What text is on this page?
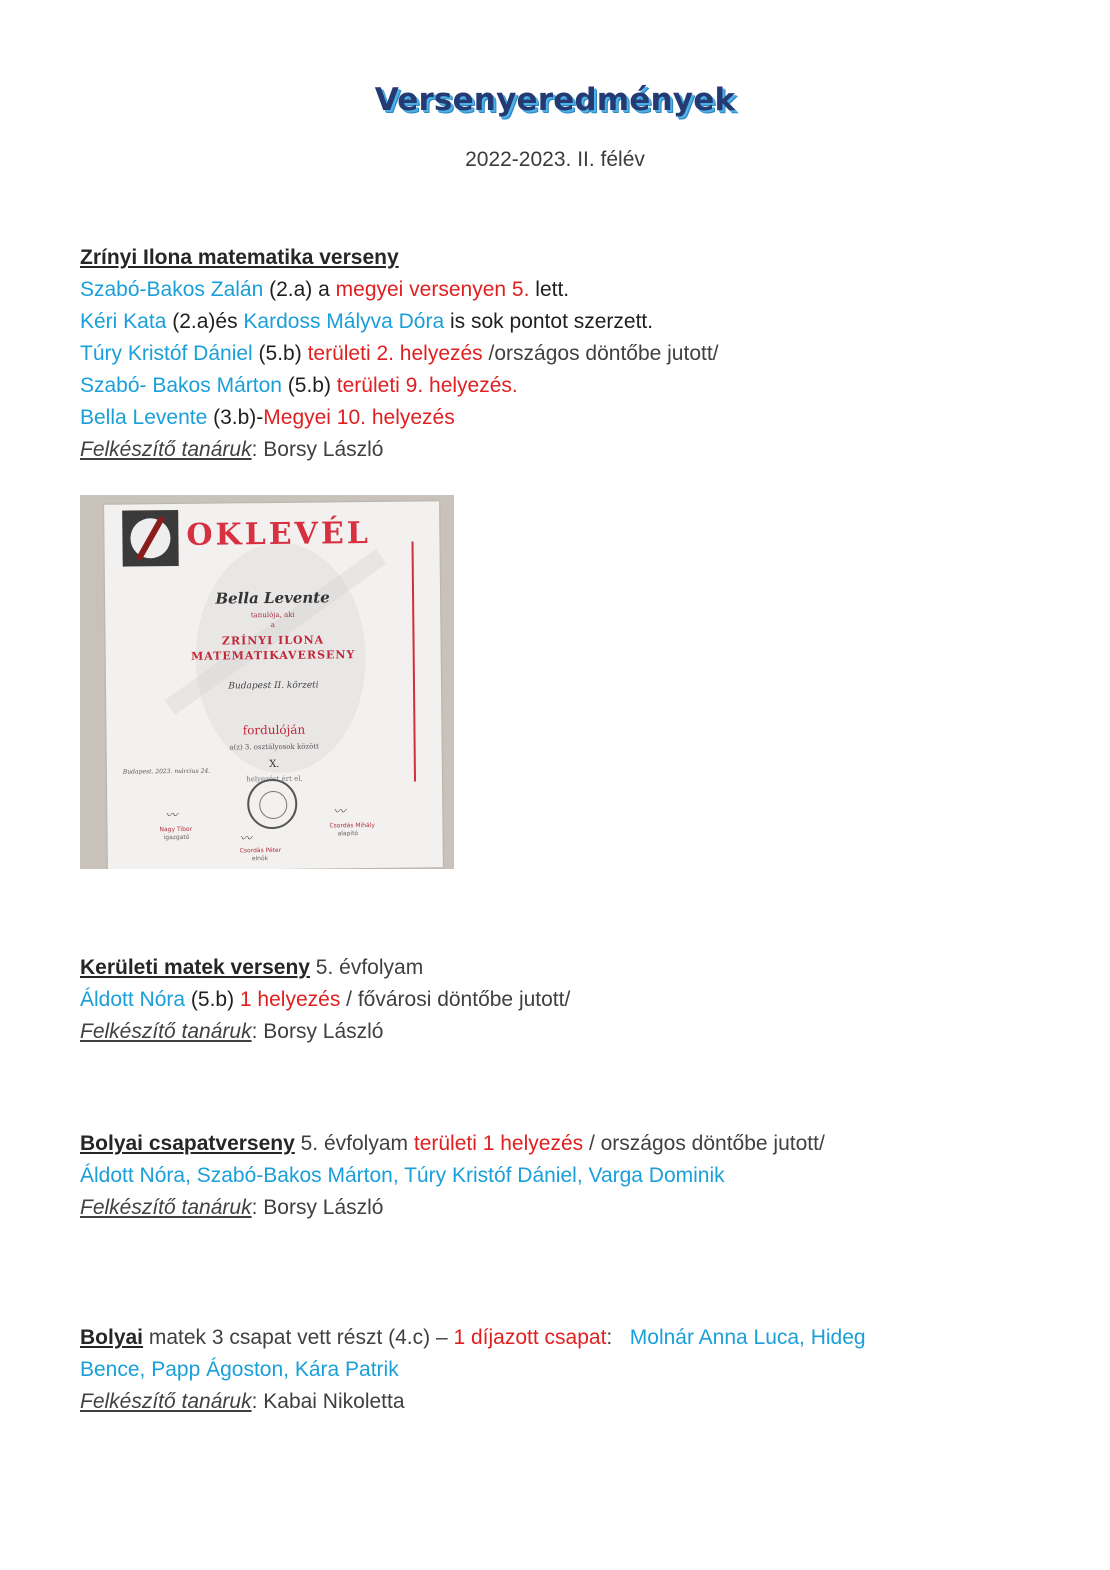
Versenyeredmények
2022-2023. II. félév
Zrínyi Ilona matematika verseny
Szabó-Bakos Zalán (2.a) a megyei versenyen 5. lett.
Kéri Kata (2.a)és Kardoss Mályva Dóra is sok pontot szerzett.
Túry Kristóf Dániel (5.b) területi 2. helyezés /országos döntőbe jutott/
Szabó- Bakos Márton (5.b) területi 9. helyezés.
Bella Levente (3.b)-Megyei 10. helyezés
Felkészítő tanáruk: Borsy László
OKLEVÉL
Bella Levente
tanulója, aki
a
ZRÍNYI ILONA
MATEMATIKAVERSENY
Budapest II. körzeti
fordulóján
a(z) 3. osztályosok között
X.
helyezést ért el.
Budapest, 2023. március 24.
〰
Nagy Tibor
igazgató
〰
Csordás Mihály
alapító
〰
Csordás Péter
elnök
Kerületi matek verseny 5. évfolyam
Áldott Nóra (5.b) 1 helyezés / fővárosi döntőbe jutott/
Felkészítő tanáruk: Borsy László
Bolyai csapatverseny 5. évfolyam területi 1 helyezés / országos döntőbe jutott/
Áldott Nóra, Szabó-Bakos Márton, Túry Kristóf Dániel, Varga Dominik
Felkészítő tanáruk: Borsy László
Bolyai matek 3 csapat vett részt (4.c) – 1 díjazott csapat:   Molnár Anna Luca, Hideg
Bence, Papp Ágoston, Kára Patrik
Felkészítő tanáruk: Kabai Nikoletta
